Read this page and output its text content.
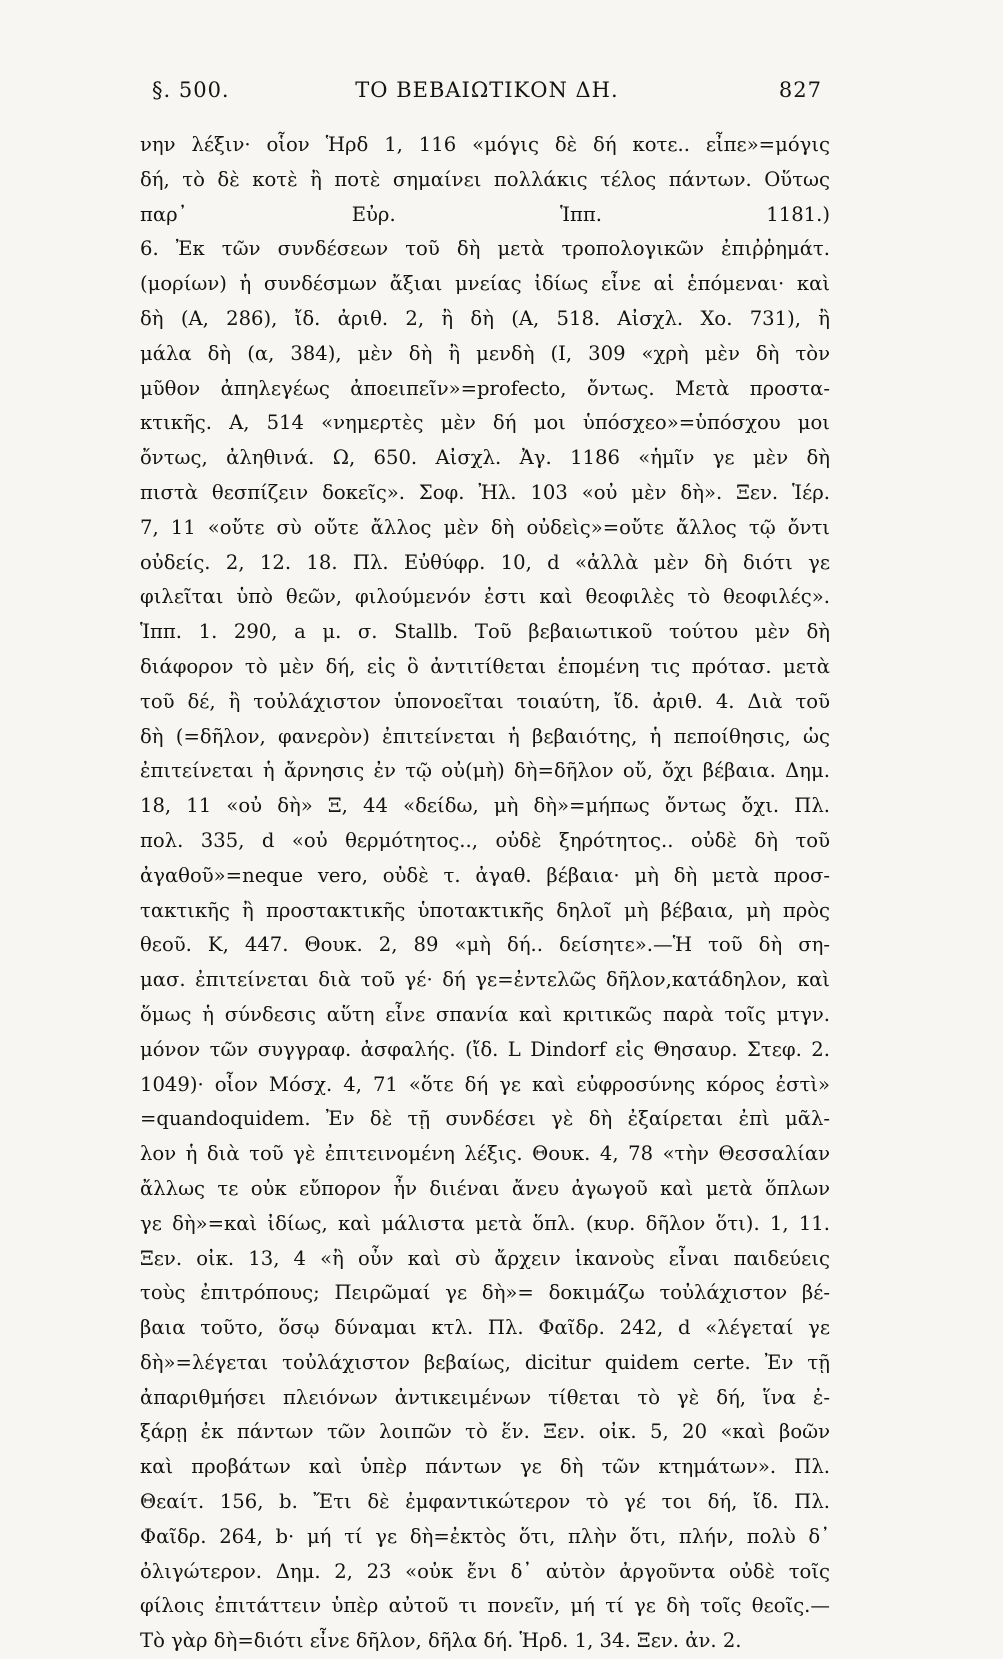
§. 500.	ΤΟ ΒΕΒΑΙΩΤΙΚΟΝ ΔΗ.	827
νην λέξιν· οἷον Ἡρδ 1, 116 «μόγις δὲ δή κοτε.. εἶπε»=μόγις
δή, τὸ δὲ κοτὲ ἢ ποτὲ σημαίνει πολλάκις τέλος πάντων. Οὕτως
παρ᾽ Εὐρ. Ἱππ. 1181.)
6. Ἐκ τῶν συνδέσεων τοῦ δὴ μετὰ τροπολογικῶν ἐπιῤῥημάτ.
(μορίων) ἡ συνδέσμων ἄξιαι μνείας ἰδίως εἶνε αἱ ἑπόμεναι· καὶ
δὴ (Α, 286), ἴδ. ἀριθ. 2, ἢ δὴ (Α, 518. Αἰσχλ. Χο. 731), ἢ
μάλα δὴ (α, 384), μὲν δὴ ἢ μενδὴ (Ι, 309 «χρὴ μὲν δὴ τὸν
μῦθον ἀπηλεγέως ἀποειπεῖν»=profecto, ὄντως. Μετὰ προστα-
κτικῆς. Α, 514 «νημερτὲς μὲν δή μοι ὑπόσχεο»=ὑπόσχου μοι
ὄντως, ἀληθινά. Ω, 650. Αἰσχλ. Ἀγ. 1186 «ἡμῖν γε μὲν δὴ
πιστὰ θεσπίζειν δοκεῖς». Σοφ. Ἠλ. 103 «οὐ μὲν δὴ». Ξεν. Ἱέρ.
7, 11 «οὔτε σὺ οὔτε ἄλλος μὲν δὴ οὐδεὶς»=οὔτε ἄλλος τῷ ὄντι
οὐδείς. 2, 12. 18. Πλ. Εὐθύφρ. 10, d «ἀλλὰ μὲν δὴ διότι γε
φιλεῖται ὑπὸ θεῶν, φιλούμενόν ἐστι καὶ θεοφιλὲς τὸ θεοφιλές».
Ἱππ. 1. 290, a μ. σ. Stallb. Τοῦ βεβαιωτικοῦ τούτου μὲν δὴ
διάφορον τὸ μὲν δή, εἰς ὃ ἀντιτίθεται ἑπομένη τις πρότασ. μετὰ
τοῦ δέ, ἢ τοὐλάχιστον ὑπονοεῖται τοιαύτη, ἴδ. ἀριθ. 4. Διὰ τοῦ
δὴ (=δῆλον, φανερὸν) ἐπιτείνεται ἡ βεβαιότης, ἡ πεποίθησις, ὡς
ἐπιτείνεται ἡ ἄρνησις ἐν τῷ οὐ(μὴ) δὴ=δῆλον οὔ, ὄχι βέβαια. Δημ.
18, 11 «οὐ δὴ» Ξ, 44 «δείδω, μὴ δὴ»=μήπως ὄντως ὄχι. Πλ.
πολ. 335, d «οὐ θερμότητος.., οὐδὲ ξηρότητος.. οὐδὲ δὴ τοῦ
ἀγαθοῦ»=neque vero, οὐδὲ τ. ἀγαθ. βέβαια· μὴ δὴ μετὰ προσ-
τακτικῆς ἢ προστακτικῆς ὑποτακτικῆς δηλοῖ μὴ βέβαια, μὴ πρὸς
θεοῦ. Κ, 447. Θουκ. 2, 89 «μὴ δή.. δείσητε».—Ἡ τοῦ δὴ ση-
μασ. ἐπιτείνεται διὰ τοῦ γέ· δή γε=ἐντελῶς δῆλον,κατάδηλον, καὶ
ὅμως ἡ σύνδεσις αὕτη εἶνε σπανία καὶ κριτικῶς παρὰ τοῖς μτγν.
μόνον τῶν συγγραφ. ἀσφαλής. (ἴδ. L Dindorf εἰς Θησαυρ. Στεφ. 2.
1049)· οἷον Μόσχ. 4, 71 «ὅτε δή γε καὶ εὐφροσύνης κόρος ἐστὶ»
=quandoquidem. Ἐν δὲ τῇ συνδέσει γὲ δὴ ἐξαίρεται ἐπὶ μᾶλ-
λον ἡ διὰ τοῦ γὲ ἐπιτεινομένη λέξις. Θουκ. 4, 78 «τὴν Θεσσαλίαν
ἄλλως τε οὐκ εὔπορον ἦν διιέναι ἄνευ ἀγωγοῦ καὶ μετὰ ὅπλων
γε δὴ»=καὶ ἰδίως, καὶ μάλιστα μετὰ ὅπλ. (κυρ. δῆλον ὅτι). 1, 11.
Ξεν. οἰκ. 13, 4 «ἢ οὖν καὶ σὺ ἄρχειν ἱκανοὺς εἶναι παιδεύεις
τοὺς ἐπιτρόπους; Πειρῶμαί γε δὴ»= δοκιμάζω τοὐλάχιστον βέ-
βαια τοῦτο, ὅσῳ δύναμαι κτλ. Πλ. Φαῖδρ. 242, d «λέγεταί γε
δὴ»=λέγεται τοὐλάχιστον βεβαίως, dicitur quidem certe. Ἐν τῇ
ἀπαριθμήσει πλειόνων ἀντικειμένων τίθεται τὸ γὲ δή, ἵνα ἐ-
ξάρῃ ἐκ πάντων τῶν λοιπῶν τὸ ἕν. Ξεν. οἰκ. 5, 20 «καὶ βοῶν
καὶ προβάτων καὶ ὑπὲρ πάντων γε δὴ τῶν κτημάτων». Πλ.
Θεαίτ. 156, b. Ἔτι δὲ ἐμφαντικώτερον τὸ γέ τοι δή, ἴδ. Πλ.
Φαῖδρ. 264, b· μή τί γε δὴ=ἐκτὸς ὅτι, πλὴν ὅτι, πλήν, πολὺ δ᾽
ὀλιγώτερον. Δημ. 2, 23 «οὐκ ἔνι δ᾽ αὐτὸν ἀργοῦντα οὐδὲ τοῖς
φίλοις ἐπιτάττειν ὑπὲρ αὐτοῦ τι πονεῖν, μή τί γε δὴ τοῖς θεοῖς.—
Τὸ γὰρ δὴ=διότι εἶνε δῆλον, δῆλα δή. Ἡρδ. 1, 34. Ξεν. ἀν. 2.
